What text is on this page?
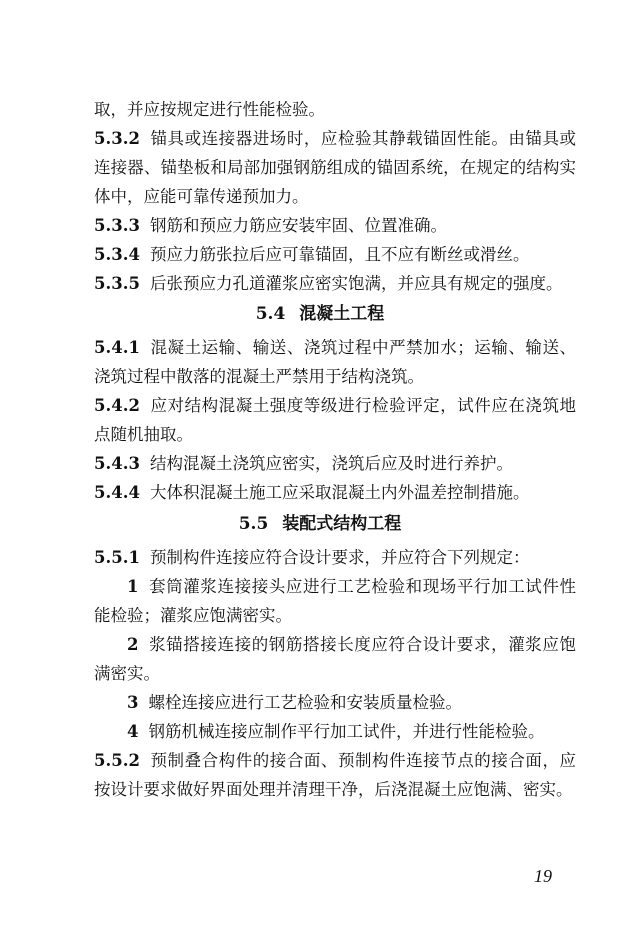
取，并应按规定进行性能检验。

5.3.2 锚具或连接器进场时，应检验其静载锚固性能。由锚具或连接器、锚垫板和局部加强钢筋组成的锚固系统，在规定的结构实体中，应能可靠传递预加力。

5.3.3 钢筋和预应力筋应安装牢固、位置准确。

5.3.4 预应力筋张拉后应可靠锚固，且不应有断丝或滑丝。

5.3.5 后张预应力孔道灌浆应密实饱满，并应具有规定的强度。

5.4 混凝土工程

5.4.1 混凝土运输、输送、浇筑过程中严禁加水；运输、输送、浇筑过程中散落的混凝土严禁用于结构浇筑。

5.4.2 应对结构混凝土强度等级进行检验评定，试件应在浇筑地点随机抽取。

5.4.3 结构混凝土浇筑应密实，浇筑后应及时进行养护。

5.4.4 大体积混凝土施工应采取混凝土内外温差控制措施。

5.5 装配式结构工程

5.5.1 预制构件连接应符合设计要求，并应符合下列规定：

1 套筒灌浆连接接头应进行工艺检验和现场平行加工试件性能检验；灌浆应饱满密实。

2 浆锚搭接连接的钢筋搭接长度应符合设计要求，灌浆应饱满密实。

3 螺栓连接应进行工艺检验和安装质量检验。

4 钢筋机械连接应制作平行加工试件，并进行性能检验。

5.5.2 预制叠合构件的接合面、预制构件连接节点的接合面，应按设计要求做好界面处理并清理干净，后浇混凝土应饱满、密实。

19
